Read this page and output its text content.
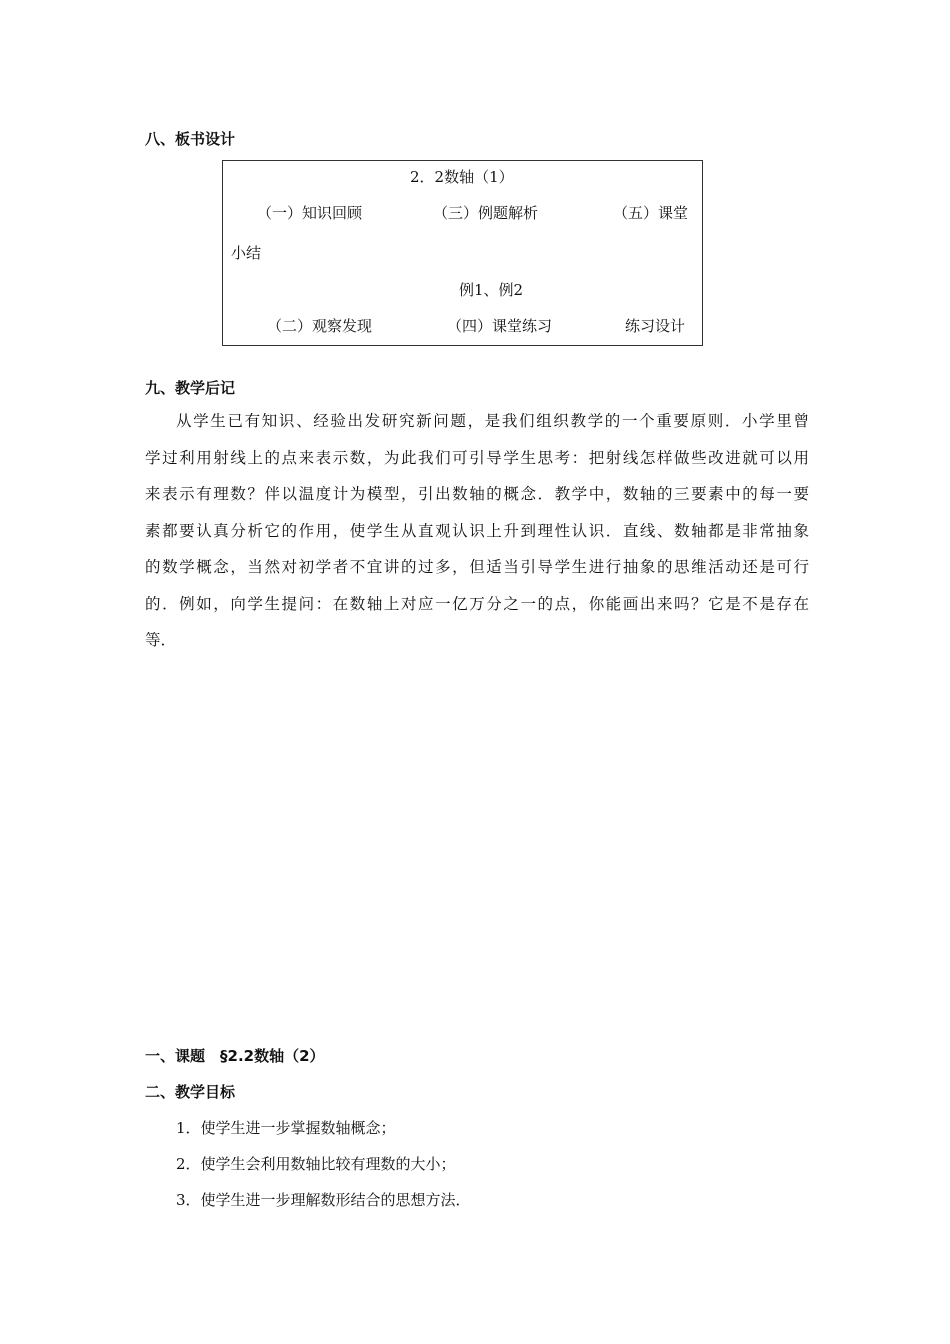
八、板书设计
2．2数轴（1）
（一）知识回顾	（三）例题解析	（五）课堂
小结
例1、例2
（二）观察发现	（四）课堂练习	练习设计
九、教学后记
从学生已有知识、经验出发研究新问题，是我们组织教学的一个重要原则．小学里曾
学过利用射线上的点来表示数，为此我们可引导学生思考：把射线怎样做些改进就可以用
来表示有理数？伴以温度计为模型，引出数轴的概念．教学中，数轴的三要素中的每一要
素都要认真分析它的作用，使学生从直观认识上升到理性认识．直线、数轴都是非常抽象
的数学概念，当然对初学者不宜讲的过多，但适当引导学生进行抽象的思维活动还是可行
的．例如，向学生提问：在数轴上对应一亿万分之一的点，你能画出来吗？它是不是存在
等．
一、课题　§2.2数轴（2）
二、教学目标
1．使学生进一步掌握数轴概念；
2．使学生会利用数轴比较有理数的大小；
3．使学生进一步理解数形结合的思想方法．
